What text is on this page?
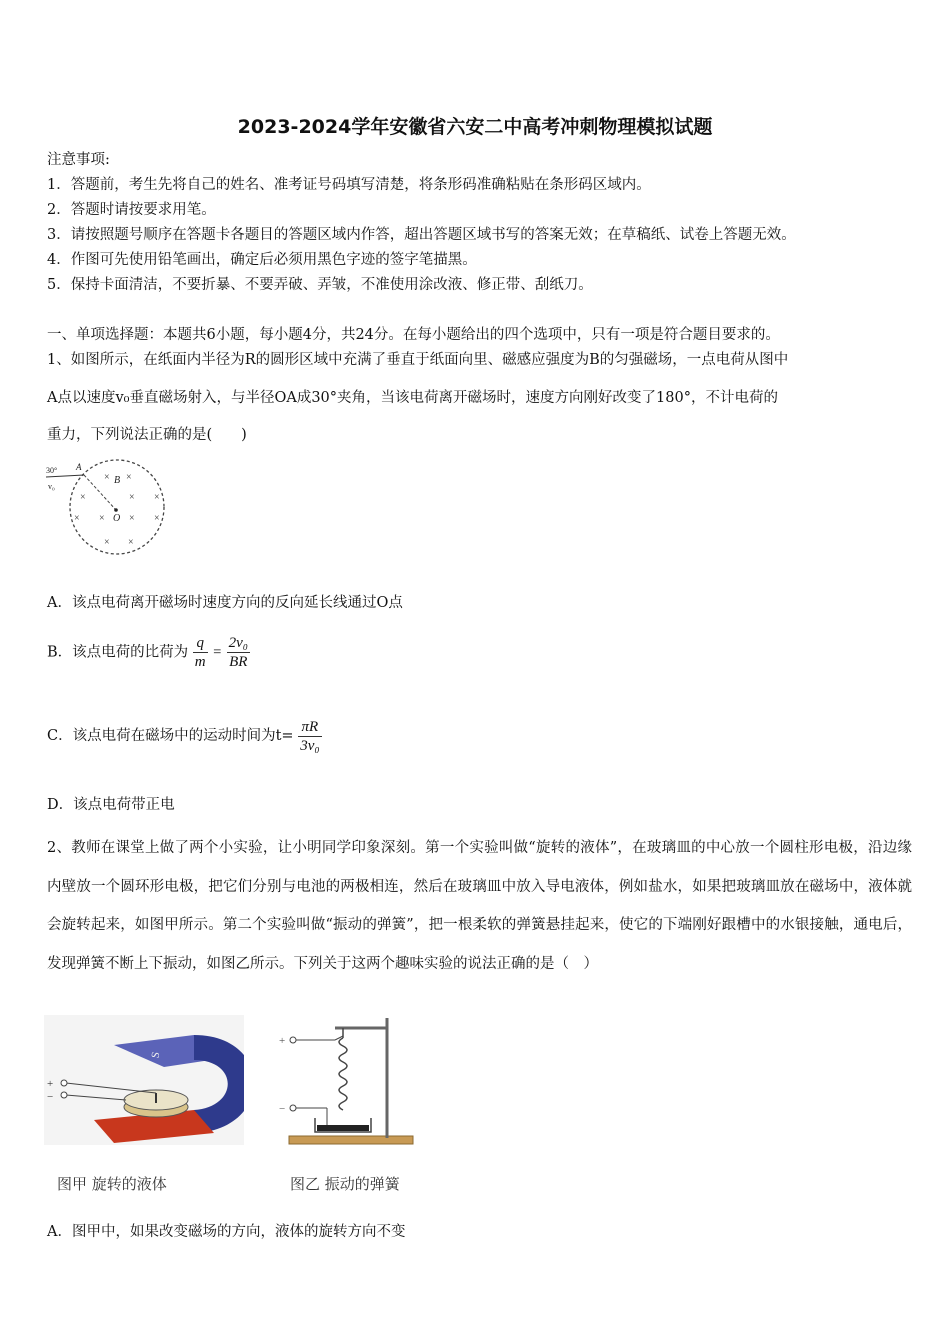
2023-2024学年安徽省六安二中高考冲刺物理模拟试题
注意事项:
1．答题前，考生先将自己的姓名、准考证号码填写清楚，将条形码准确粘贴在条形码区域内。
2．答题时请按要求用笔。
3．请按照题号顺序在答题卡各题目的答题区域内作答，超出答题区域书写的答案无效；在草稿纸、试卷上答题无效。
4．作图可先使用铅笔画出，确定后必须用黑色字迹的签字笔描黑。
5．保持卡面清洁，不要折暴、不要弄破、弄皱，不准使用涂改液、修正带、刮纸刀。
一、单项选择题：本题共6小题，每小题4分，共24分。在每小题给出的四个选项中，只有一项是符合题目要求的。
1、如图所示，在纸面内半径为R的圆形区域中充满了垂直于纸面向里、磁感应强度为B的匀强磁场，一点电荷从图中
A点以速度v₀垂直磁场射入，与半径OA成30°夹角，当该电荷离开磁场时，速度方向刚好改变了180°，不计电荷的
重力，下列说法正确的是(　　)
× ×
×	× ×
× × × ×
× ×
30°
v₀
A
B
O
A．该点电荷离开磁场时速度方向的反向延长线通过O点
B．该点电荷的比荷为 $\frac{q}{m} = \frac{\text{2v₀}}{BR}$
C．该点电荷在磁场中的运动时间为$t= \frac{\pi R}{\text{3v₀}}$
D．该点电荷带正电
2、教师在课堂上做了两个小实验，让小明同学印象深刻。第一个实验叫做“旋转的液体”，在玻璃皿的中心放一个圆柱形电极，沿边缘内壁放一个圆环形电极，把它们分别与电池的两极相连，然后在玻璃皿中放入导电液体，例如盐水，如果把玻璃皿放在磁场中，液体就会旋转起来，如图甲所示。第二个实验叫做“振动的弹簧”，把一根柔软的弹簧悬挂起来，使它的下端刚好跟槽中的水银接触，通电后，发现弹簧不断上下振动，如图乙所示。下列关于这两个趣味实验的说法正确的是（　）
S
+
−
图甲 旋转的液体
+
−
图乙 振动的弹簧
A．图甲中，如果改变磁场的方向，液体的旋转方向不变
